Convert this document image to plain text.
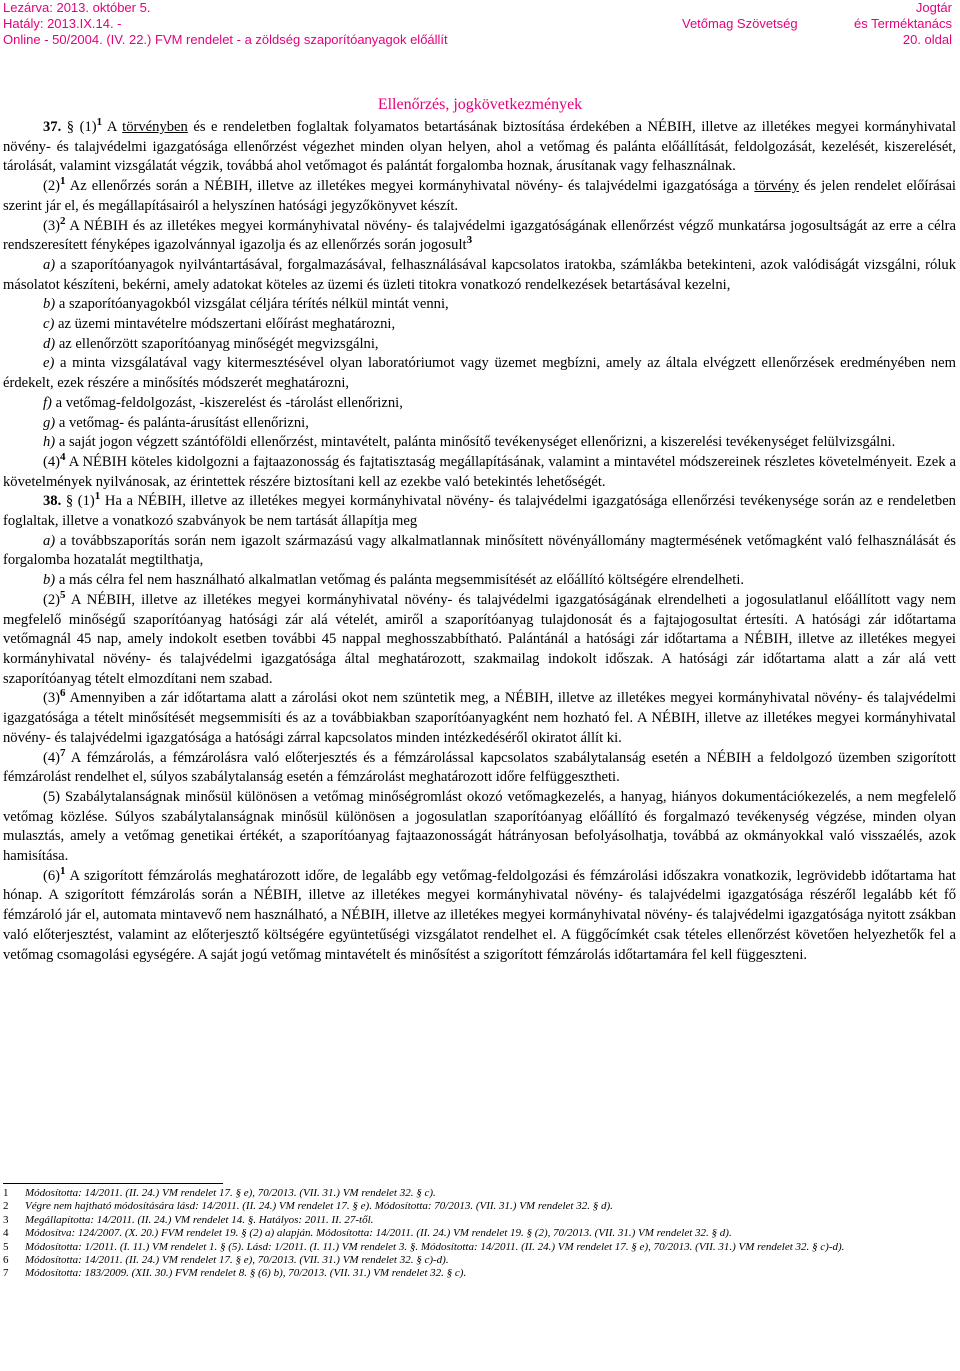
Lezárva: 2013. október 5.
Hatály: 2013.IX.14. -
Online - 50/2004. (IV. 22.) FVM rendelet - a zöldség szaporítóanyagok előállít
Vetőmag Szövetség
Jogtár
és Terméktanács
20. oldal
Ellenőrzés, jogkövetkezmények

37. § $(1)^1$ A törvényben és e rendeletben foglaltak folyamatos betartásának biztosítása érdekében a NÉBIH, illetve az illetékes megyei kormányhivatal növény- és talajvédelmi igazgatósága ellenőrzést végezhet minden olyan helyen, ahol a vetőmag és palánta előállítását, feldolgozását, kezelését, kiszerelését, tárolását, valamint vizsgálatát végzik, továbbá ahol vetőmagot és palántát forgalomba hoznak, árusítanak vagy felhasználnak.

$(2)^1$ Az ellenőrzés során a NÉBIH, illetve az illetékes megyei kormányhivatal növény- és talajvédelmi igazgatósága a törvény és jelen rendelet előírásai szerint jár el, és megállapításairól a helyszínen hatósági jegyzőkönyvet készít.

$(3)^2$ A NÉBIH és az illetékes megyei kormányhivatal növény- és talajvédelmi igazgatóságának ellenőrzést végző munkatársa jogosultságát az erre a célra rendszeresített fényképes igazolvánnyal igazolja és az ellenőrzés során jogosult$^3$

a) a szaporítóanyagok nyilvántartásával, forgalmazásával, felhasználásával kapcsolatos iratokba, számlákba betekinteni, azok valódiságát vizsgálni, róluk másolatot készíteni, bekérni, amely adatokat köteles az üzemi és üzleti titokra vonatkozó rendelkezések betartásával kezelni,

b) a szaporítóanyagokból vizsgálat céljára térítés nélkül mintát venni,

c) az üzemi mintavételre módszertani előírást meghatározni,

d) az ellenőrzött szaporítóanyag minőségét megvizsgálni,

e) a minta vizsgálatával vagy kitermesztésével olyan laboratóriumot vagy üzemet megbízni, amely az általa elvégzett ellenőrzések eredményében nem érdekelt, ezek részére a minősítés módszerét meghatározni,

f) a vetőmag-feldolgozást, -kiszerelést és -tárolást ellenőrizni,

g) a vetőmag- és palánta-árusítást ellenőrizni,

h) a saját jogon végzett szántóföldi ellenőrzést, mintavételt, palánta minősítő tevékenységet ellenőrizni, a kiszerelési tevékenységet felülvizsgálni.

$(4)^4$ A NÉBIH köteles kidolgozni a fajtaazonosság és fajtatisztaság megállapításának, valamint a mintavétel módszereinek részletes követelményeit. Ezek a követelmények nyilvánosak, az érintettek részére biztosítani kell az ezekbe való betekintés lehetőségét.

38. § $(1)^1$ Ha a NÉBIH, illetve az illetékes megyei kormányhivatal növény- és talajvédelmi igazgatósága ellenőrzési tevékenysége során az e rendeletben foglaltak, illetve a vonatkozó szabványok be nem tartását állapítja meg

a) a továbbszaporítás során nem igazolt származású vagy alkalmatlannak minősített növényállomány magtermésének vetőmagként való felhasználását és forgalomba hozatalát megtilthatja,

b) a más célra fel nem használható alkalmatlan vetőmag és palánta megsemmisítését az előállító költségére elrendelheti.

$(2)^5$ A NÉBIH, illetve az illetékes megyei kormányhivatal növény- és talajvédelmi igazgatóságának elrendelheti a jogosulatlanul előállított vagy nem megfelelő minőségű szaporítóanyag hatósági zár alá vételét, amiről a szaporítóanyag tulajdonosát és a fajtajogosultat értesíti. A hatósági zár időtartama vetőmagnál 45 nap, amely indokolt esetben további 45 nappal meghosszabbítható. Palántánál a hatósági zár időtartama a NÉBIH, illetve az illetékes megyei kormányhivatal növény- és talajvédelmi igazgatósága által meghatározott, szakmailag indokolt időszak. A hatósági zár időtartama alatt a zár alá vett szaporítóanyag tételt elmozdítani nem szabad.

$(3)^6$ Amennyiben a zár időtartama alatt a zárolási okot nem szüntetik meg, a NÉBIH, illetve az illetékes megyei kormányhivatal növény- és talajvédelmi igazgatósága a tételt minősítését megsemmisíti és az a továbbiakban szaporítóanyagként nem hozható fel. A NÉBIH, illetve az illetékes megyei kormányhivatal növény- és talajvédelmi igazgatósága a hatósági zárral kapcsolatos minden intézkedéséről okiratot állít ki.

$(4)^7$ A fémzárolás, a fémzárolásra való előterjesztés és a fémzárolással kapcsolatos szabálytalanság esetén a NÉBIH a feldolgozó üzemben szigorított fémzárolást rendelhet el, súlyos szabálytalanság esetén a fémzárolást meghatározott időre felfüggesztheti.

(5) Szabálytalanságnak minősül különösen a vetőmag minőségromlást okozó vetőmagkezelés, a hanyag, hiányos dokumentációkezelés, a nem megfelelő vetőmag közlése. Súlyos szabálytalanságnak minősül különösen a jogosulatlan szaporítóanyag előállító és forgalmazó tevékenység végzése, minden olyan mulasztás, amely a vetőmag genetikai értékét, a szaporítóanyag fajtaazonosságát hátrányosan befolyásolhatja, továbbá az okmányokkal való visszaélés, azok hamisítása.

$(6)^1$ A szigorított fémzárolás meghatározott időre, de legalább egy vetőmag-feldolgozási és fémzárolási időszakra vonatkozik, legrövidebb időtartama hat hónap. A szigorított fémzárolás során a NÉBIH, illetve az illetékes megyei kormányhivatal növény- és talajvédelmi igazgatósága részéről legalább két fő fémzároló jár el, automata mintavevő nem használható, a NÉBIH, illetve az illetékes megyei kormányhivatal növény- és talajvédelmi igazgatósága nyitott zsákban való előterjesztést, valamint az előterjesztő költségére együntetűségi vizsgálatot rendelhet el. A függőcímkét csak tételes ellenőrzést követően helyezhetők fel a vetőmag csomagolási egységére. A saját jogú vetőmag mintavételt és minősítést a szigorított fémzárolás időtartamára fel kell függeszteni.

1 Módosította: 14/2011. (II. 24.) VM rendelet 17. § e), 70/2013. (VII. 31.) VM rendelet 32. § c).

2 Végre nem hajtható módosítására lásd: 14/2011. (II. 24.) VM rendelet 17. § e). Módosította: 70/2013. (VII. 31.) VM rendelet 32. § d).

3 Megállapította: 14/2011. (II. 24.) VM rendelet 14. §. Hatályos: 2011. II. 27-től.

4 Módosítva: 124/2007. (X. 20.) FVM rendelet 19. § (2) a) alapján. Módosította: 14/2011. (II. 24.) VM rendelet 19. § (2), 70/2013. (VII. 31.) VM rendelet 32. § d).

5 Módosította: 1/2011. (I. 11.) VM rendelet 1. § (5). Lásd: 1/2011. (I. 11.) VM rendelet 3. §. Módosította: 14/2011. (II. 24.) VM rendelet 17. § e), 70/2013. (VII. 31.) VM rendelet 32. § c)-d).

6 Módosította: 14/2011. (II. 24.) VM rendelet 17. § e), 70/2013. (VII. 31.) VM rendelet 32. § c)-d).

7 Módosította: 183/2009. (XII. 30.) FVM rendelet 8. § (6) b), 70/2013. (VII. 31.) VM rendelet 32. § c).
